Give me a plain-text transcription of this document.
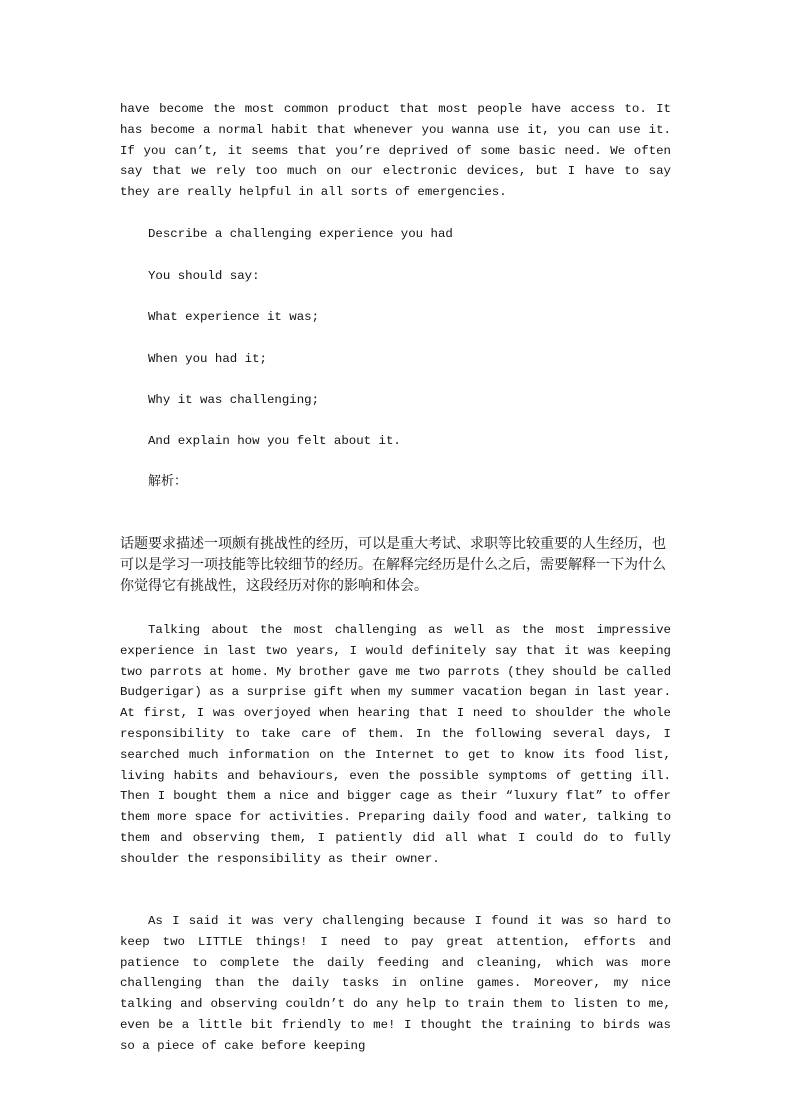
have become the most common product that most people have access to. It has become a normal habit that whenever you wanna use it, you can use it. If you can’t, it seems that you’re deprived of some basic need. We often say that we rely too much on our electronic devices, but I have to say they are really helpful in all sorts of emergencies.

Describe a challenging experience you had

You should say:

What experience it was;

When you had it;

Why it was challenging;

And explain how you felt about it.

解析：

话题要求描述一项颇有挑战性的经历，可以是重大考试、求职等比较重要的人生经历，也可以是学习一项技能等比较细节的经历。在解释完经历是什么之后，需要解释一下为什么你觉得它有挑战性，这段经历对你的影响和体会。

Talking about the most challenging as well as the most impressive experience in last two years, I would definitely say that it was keeping two parrots at home. My brother gave me two parrots (they should be called Budgerigar) as a surprise gift when my summer vacation began in last year. At first, I was overjoyed when hearing that I need to shoulder the whole responsibility to take care of them. In the following several days, I searched much information on the Internet to get to know its food list, living habits and behaviours, even the possible symptoms of getting ill. Then I bought them a nice and bigger cage as their “luxury flat” to offer them more space for activities. Preparing daily food and water, talking to them and observing them, I patiently did all what I could do to fully shoulder the responsibility as their owner.

As I said it was very challenging because I found it was so hard to keep two LITTLE things! I need to pay great attention, efforts and patience to complete the daily feeding and cleaning, which was more challenging than the daily tasks in online games. Moreover, my nice talking and observing couldn’t do any help to train them to listen to me, even be a little bit friendly to me! I thought the training to birds was so a piece of cake before keeping
